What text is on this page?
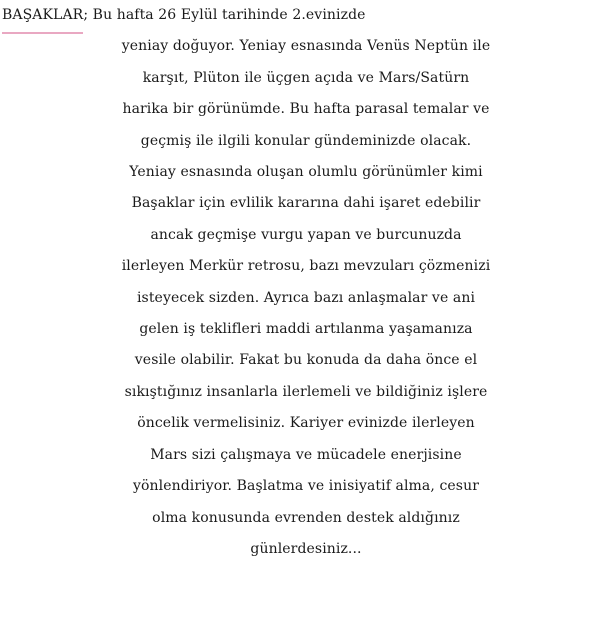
BAŞAKLAR; Bu hafta 26 Eylül tarihinde 2.evinizde
yeniay doğuyor. Yeniay esnasında Venüs Neptün ile
karşıt, Plüton ile üçgen açıda ve Mars/Satürn
harika bir görünümde. Bu hafta parasal temalar ve
geçmiş ile ilgili konular gündeminizde olacak.
Yeniay esnasında oluşan olumlu görünümler kimi
Başaklar için evlilik kararına dahi işaret edebilir
ancak geçmişe vurgu yapan ve burcunuzda
ilerleyen Merkür retrosu, bazı mevzuları çözmenizi
isteyecek sizden. Ayrıca bazı anlaşmalar ve ani
gelen iş teklifleri maddi artılanma yaşamanıza
vesile olabilir. Fakat bu konuda da daha önce el
sıkıştığınız insanlarla ilerlemeli ve bildiğiniz işlere
öncelik vermelisiniz. Kariyer evinizde ilerleyen
Mars sizi çalışmaya ve mücadele enerjisine
yönlendiriyor. Başlatma ve inisiyatif alma, cesur
olma konusunda evrenden destek aldığınız
günlerdesiniz...
